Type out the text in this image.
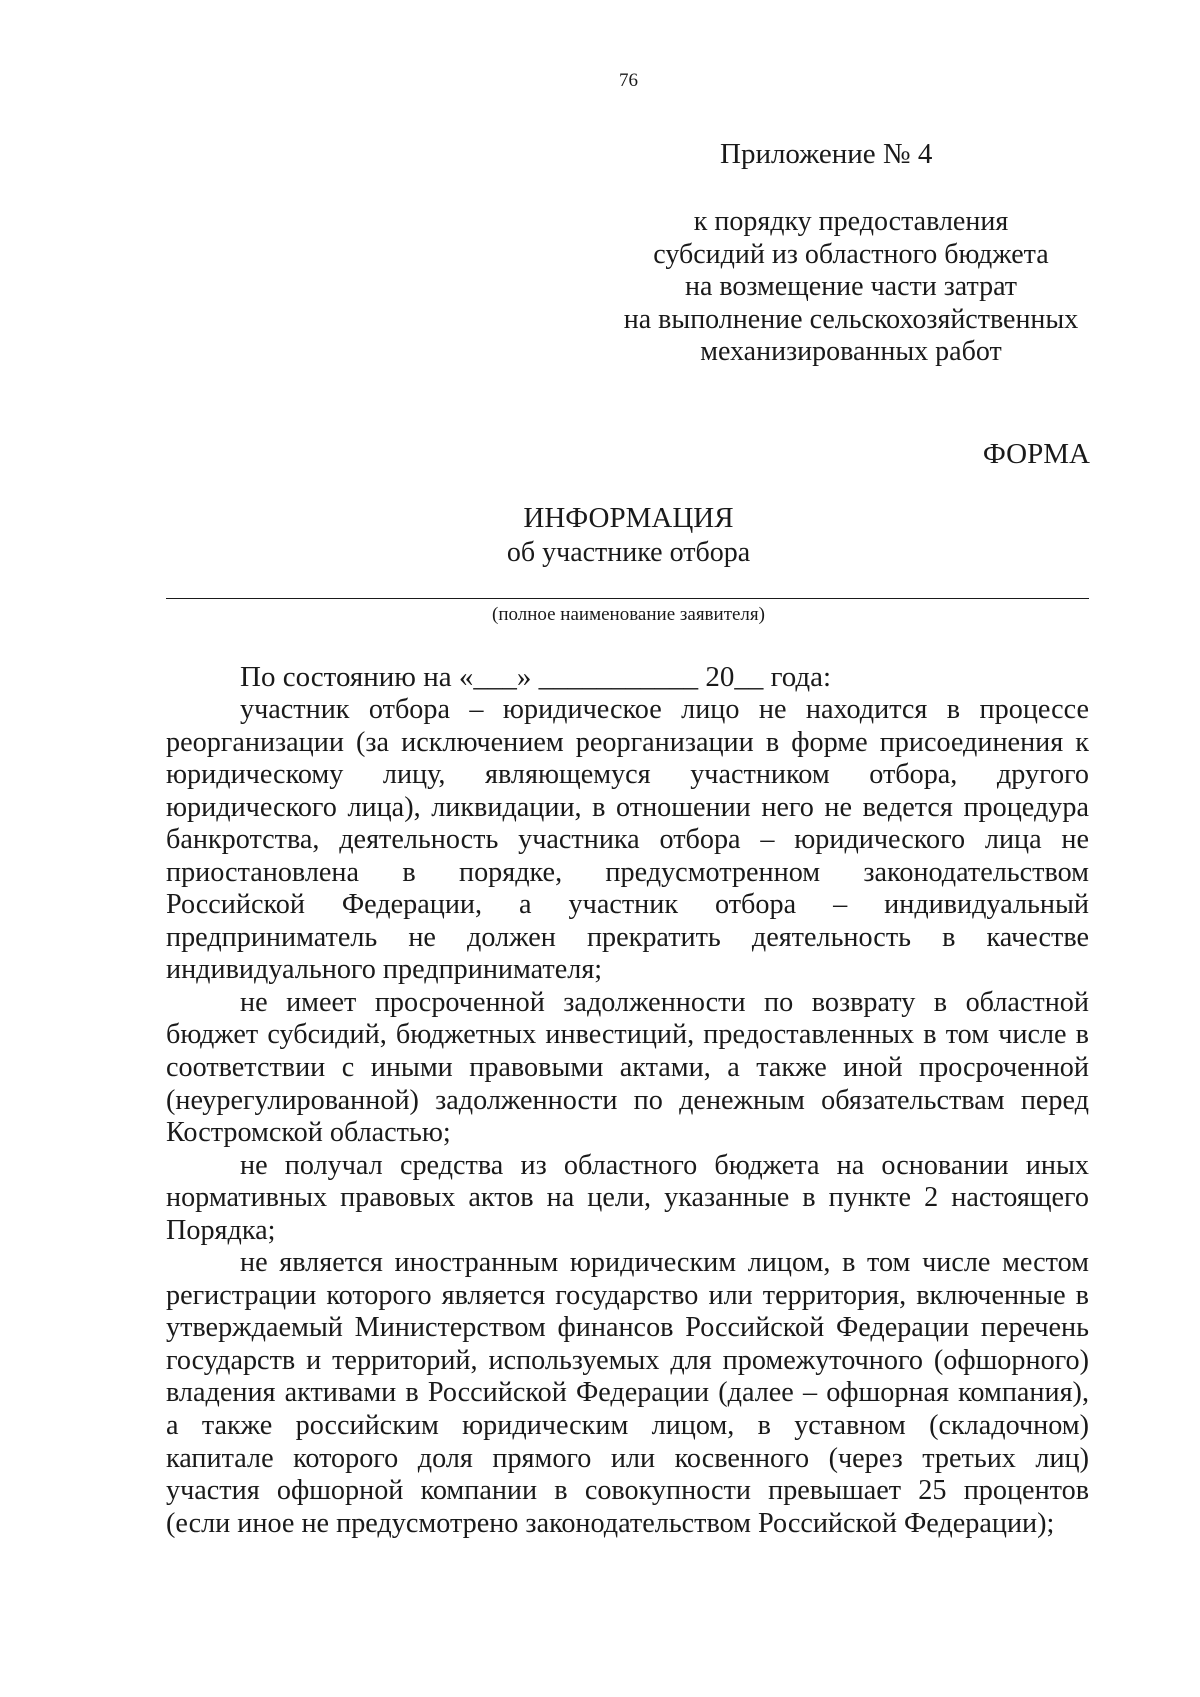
76
Приложение № 4
к порядку предоставления
субсидий из областного бюджета
на возмещение части затрат
на выполнение сельскохозяйственных
механизированных работ
ФОРМА
ИНФОРМАЦИЯ
об участнике отбора
(полное наименование заявителя)
По состоянию на «___» ___________ 20__ года:
участник отбора – юридическое лицо не находится в процессе
реорганизации (за исключением реорганизации в форме присоединения к
юридическому лицу, являющемуся участником отбора, другого
юридического лица), ликвидации, в отношении него не ведется процедура
банкротства, деятельность участника отбора – юридического лица не
приостановлена в порядке, предусмотренном законодательством
Российской Федерации, а участник отбора – индивидуальный
предприниматель не должен прекратить деятельность в качестве
индивидуального предпринимателя;
не имеет просроченной задолженности по возврату в областной
бюджет субсидий, бюджетных инвестиций, предоставленных в том числе в
соответствии с иными правовыми актами, а также иной просроченной
(неурегулированной) задолженности по денежным обязательствам перед
Костромской областью;
не получал средства из областного бюджета на основании иных
нормативных правовых актов на цели, указанные в пункте 2 настоящего
Порядка;
не является иностранным юридическим лицом, в том числе местом
регистрации которого является государство или территория, включенные в
утверждаемый Министерством финансов Российской Федерации перечень
государств и территорий, используемых для промежуточного (офшорного)
владения активами в Российской Федерации (далее – офшорная компания),
а также российским юридическим лицом, в уставном (складочном)
капитале которого доля прямого или косвенного (через третьих лиц)
участия офшорной компании в совокупности превышает 25 процентов
(если иное не предусмотрено законодательством Российской Федерации);
